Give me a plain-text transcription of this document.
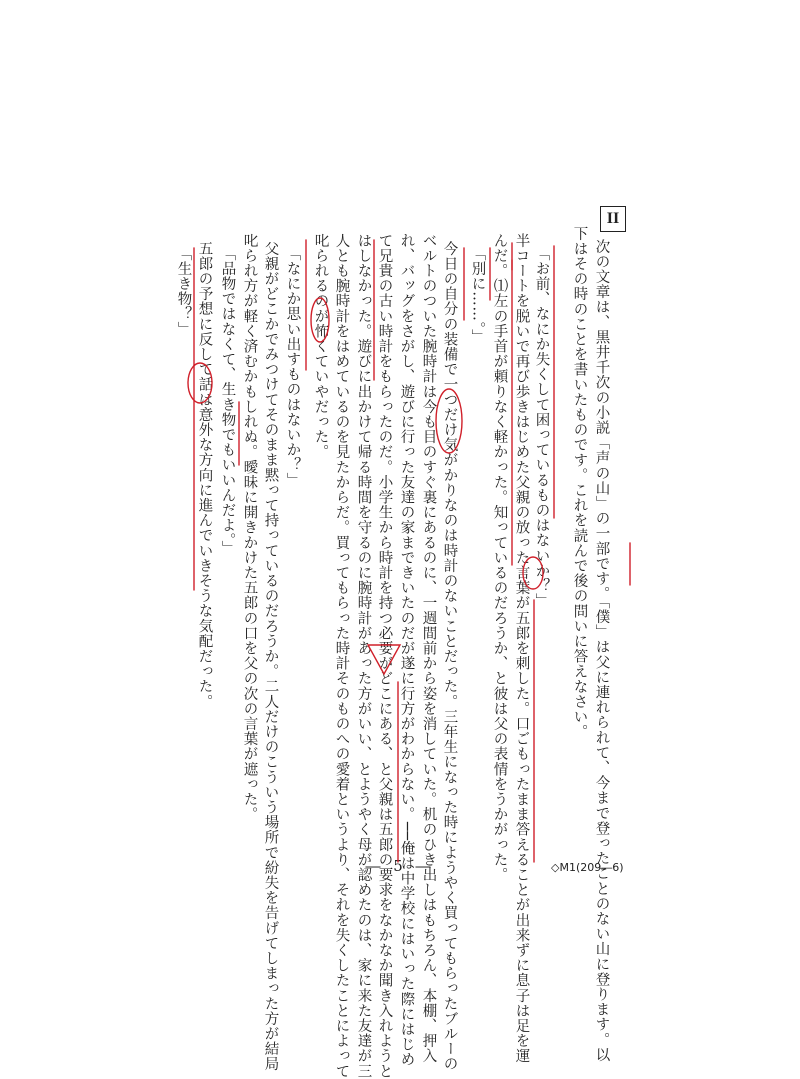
II
次の文章は、黒井千次の小説「声の山」の一部です。「僕」は父に連れられて、今まで登ったことのない山に登ります。以
下はその時のことを書いたものです。これを読んで後の問いに答えなさい。
「お前、なにか失くして困っているものはないか？」
半コートを脱いで再び歩きはじめた父親の放った言葉が五郎を刺した。口ごもったまま答えることが出来ずに息子は足を運
んだ。⑴左の手首が頼りなく軽かった。知っているのだろうか、と彼は父の表情をうかがった。
「別に……。」
今日の自分の装備で一つだけ気がかりなのは時計のないことだった。三年生になった時にようやく買ってもらったブルーの
ベルトのついた腕時計は今も目のすぐ裏にあるのに、一週間前から姿を消していた。机のひき出しはもちろん、本棚、押入
れ、バッグをさがし、遊びに行った友達の家まできいたのだが遂に行方がわからない。──俺は中学校にはいった際にはじめ
て兄貴の古い時計をもらったのだ。小学生から時計を持つ必要がどこにある、と父親は五郎の要求をなかなか聞き入れようと
はしなかった。遊びに出かけて帰る時間を守るのに腕時計があった方がいい、とようやく母が認めたのは、家に来た友達が三
人とも腕時計をはめているのを見たからだ。買ってもらった時計そのものへの愛着というより、それを失くしたことによって
叱られるのが怖くていやだった。
「なにか思い出すものはないか？」
父親がどこかでみつけてそのまま黙って持っているのだろうか。二人だけのこういう場所で紛失を告げてしまった方が結局
叱られ方が軽く済むかもしれぬ。曖昧に開きかけた五郎の口を父の次の言葉が遮った。
「品物ではなくて、生き物でもいいんだよ。」
五郎の予想に反して話は意外な方向に進んでいきそうな気配だった。
「生き物？」
― 5 ―	◇M1(209―6)
